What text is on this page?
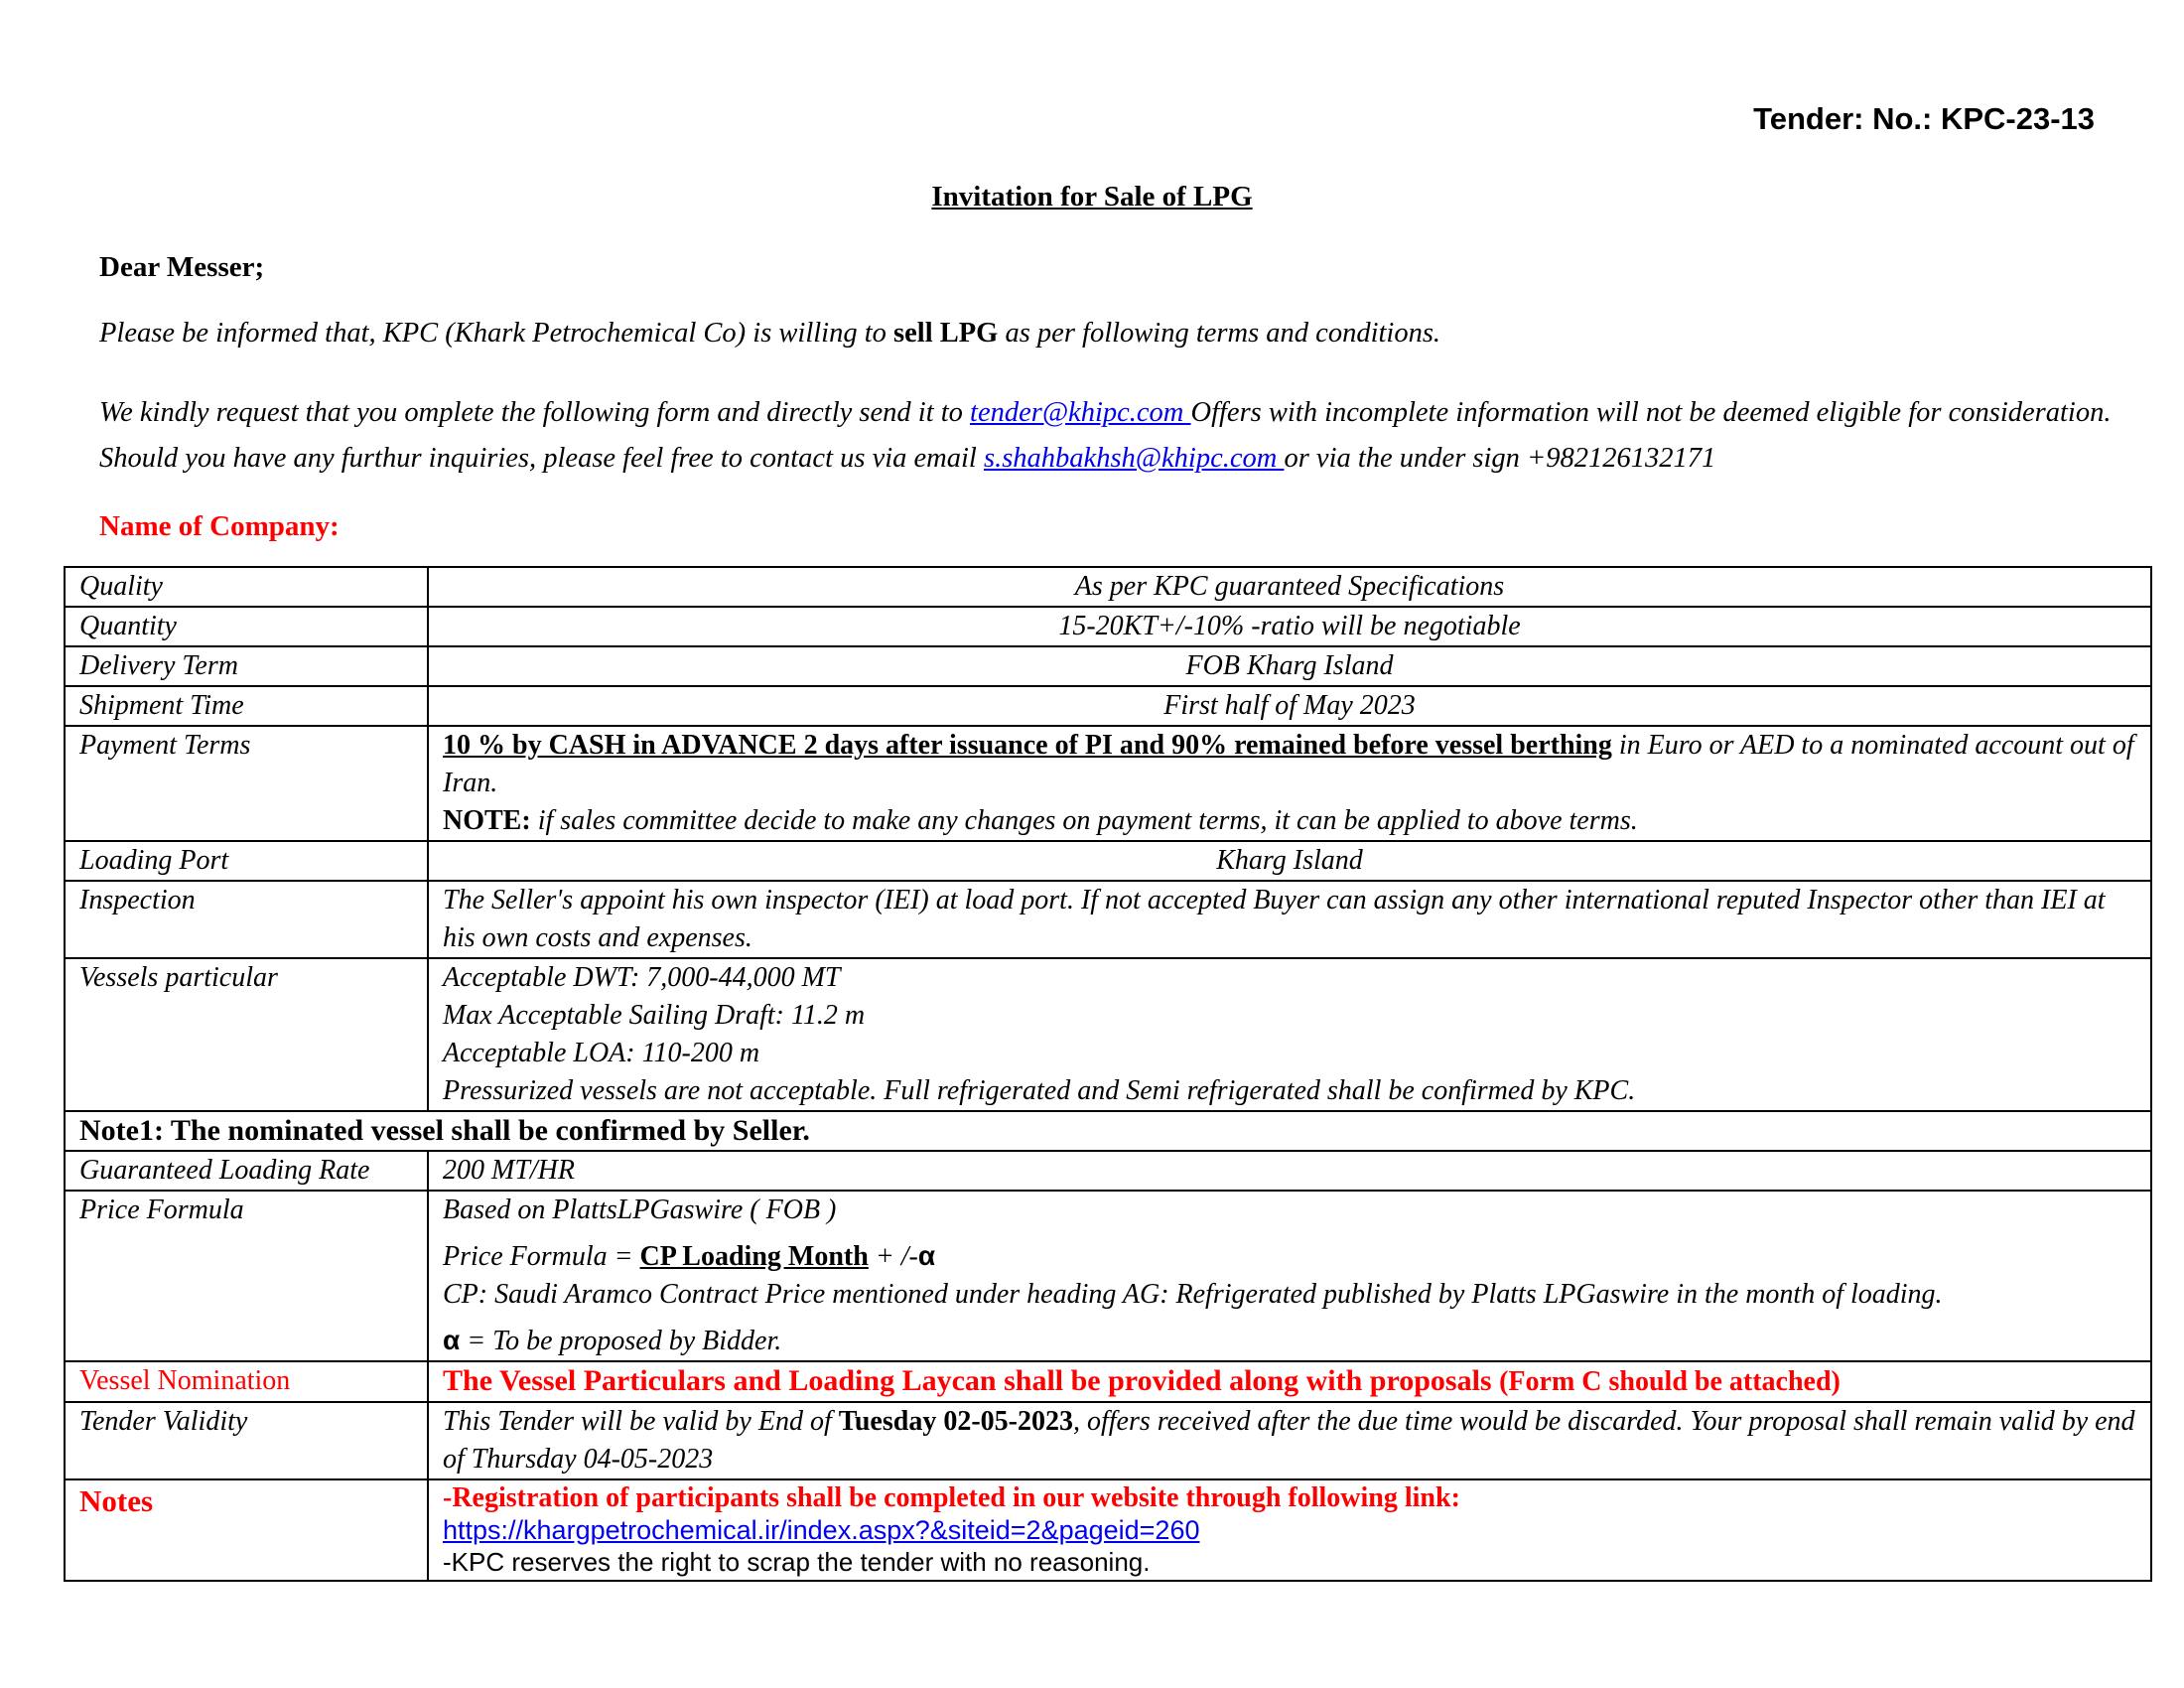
Tender: No.: KPC-23-13
Invitation for Sale of LPG
Dear Messer;
Please be informed that, KPC (Khark Petrochemical Co) is willing to sell LPG as per following terms and conditions.
We kindly request that you omplete the following form and directly send it to tender@khipc.com Offers with incomplete information will not be deemed eligible for consideration. Should you have any furthur inquiries, please feel free to contact us via email s.shahbakhsh@khipc.com or via the under sign +982126132171
Name of Company:
Quality	As per KPC guaranteed Specifications
Quantity	15-20KT+/-10% -ratio will be negotiable
Delivery Term	FOB Kharg Island
Shipment Time	First half of May 2023
Payment Terms	10 % by CASH in ADVANCE 2 days after issuance of PI and 90% remained before vessel berthing in Euro or AED to a nominated account out of Iran.
NOTE: if sales committee decide to make any changes on payment terms, it can be applied to above terms.
Loading Port	Kharg Island
Inspection	The Seller's appoint his own inspector (IEI) at load port. If not accepted Buyer can assign any other international reputed Inspector other than IEI at his own costs and expenses.
Vessels particular	Acceptable DWT: 7,000-44,000 MT
Max Acceptable Sailing Draft: 11.2 m
Acceptable LOA: 110-200 m
Pressurized vessels are not acceptable. Full refrigerated and Semi refrigerated shall be confirmed by KPC.

Note1: The nominated vessel shall be confirmed by Seller.	
Guaranteed Loading Rate	200 MT/HR
Price Formula	Based on PlattsLPGaswire ( FOB )
Price Formula = CP Loading Month + /-α
CP: Saudi Aramco Contract Price mentioned under heading AG: Refrigerated published by Platts LPGaswire in the month of loading.
α = To be proposed by Bidder.

Vessel Nomination	The Vessel Particulars and Loading Laycan shall be provided along with proposals (Form C should be attached)
Tender Validity	This Tender will be valid by End of Tuesday 02-05-2023, offers received after the due time would be discarded. Your proposal shall remain valid by end of Thursday 04-05-2023
Notes	-Registration of participants shall be completed in our website through following link:
https://khargpetrochemical.ir/index.aspx?&siteid=2&pageid=260
-KPC reserves the right to scrap the tender with no reasoning.
